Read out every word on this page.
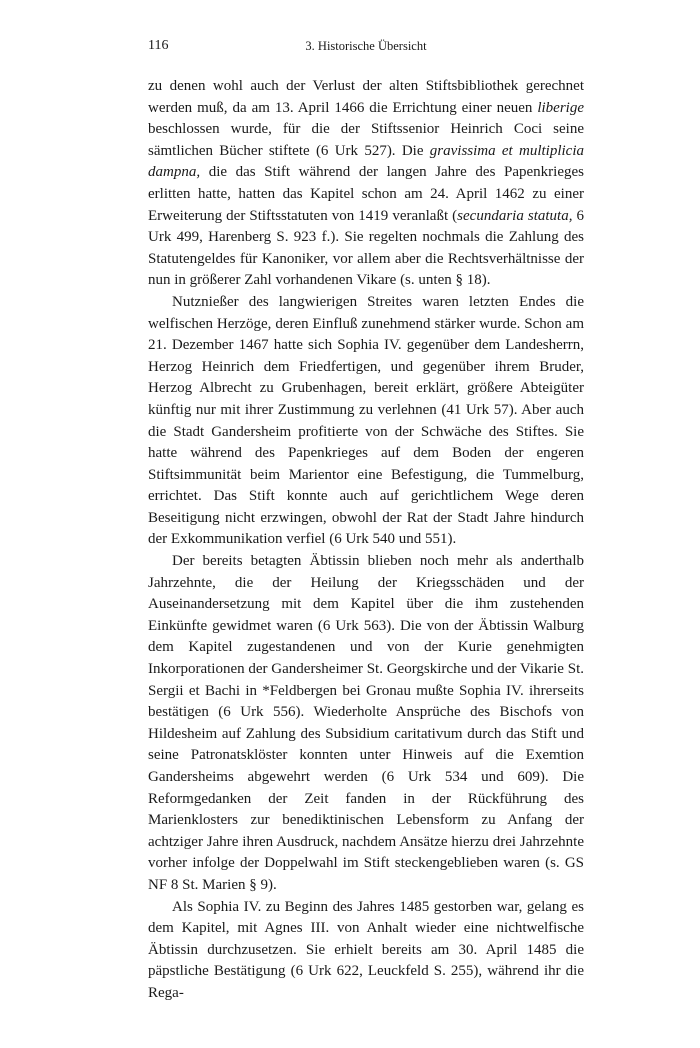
116	3. Historische Übersicht

zu denen wohl auch der Verlust der alten Stiftsbibliothek gerechnet werden muß, da am 13. April 1466 die Errichtung einer neuen liberige beschlossen wurde, für die der Stiftssenior Heinrich Coci seine sämtlichen Bücher stiftete (6 Urk 527). Die gravissima et multiplicia dampna, die das Stift während der langen Jahre des Papenkrieges erlitten hatte, hatten das Kapitel schon am 24. April 1462 zu einer Erweiterung der Stiftsstatuten von 1419 veranlaßt (secundaria statuta, 6 Urk 499, Harenberg S. 923 f.). Sie regelten nochmals die Zahlung des Statutengeldes für Kanoniker, vor allem aber die Rechtsverhältnisse der nun in größerer Zahl vorhandenen Vikare (s. unten § 18).

Nutznießer des langwierigen Streites waren letzten Endes die welfischen Herzöge, deren Einfluß zunehmend stärker wurde. Schon am 21. Dezember 1467 hatte sich Sophia IV. gegenüber dem Landesherrn, Herzog Heinrich dem Friedfertigen, und gegenüber ihrem Bruder, Herzog Albrecht zu Grubenhagen, bereit erklärt, größere Abteigüter künftig nur mit ihrer Zustimmung zu verlehnen (41 Urk 57). Aber auch die Stadt Gandersheim profitierte von der Schwäche des Stiftes. Sie hatte während des Papenkrieges auf dem Boden der engeren Stiftsimmunität beim Marientor eine Befestigung, die Tummelburg, errichtet. Das Stift konnte auch auf gerichtlichem Wege deren Beseitigung nicht erzwingen, obwohl der Rat der Stadt Jahre hindurch der Exkommunikation verfiel (6 Urk 540 und 551).

Der bereits betagten Äbtissin blieben noch mehr als anderthalb Jahrzehnte, die der Heilung der Kriegsschäden und der Auseinandersetzung mit dem Kapitel über die ihm zustehenden Einkünfte gewidmet waren (6 Urk 563). Die von der Äbtissin Walburg dem Kapitel zugestandenen und von der Kurie genehmigten Inkorporationen der Gandersheimer St. Georgskirche und der Vikarie St. Sergii et Bachi in *Feldbergen bei Gronau mußte Sophia IV. ihrerseits bestätigen (6 Urk 556). Wiederholte Ansprüche des Bischofs von Hildesheim auf Zahlung des Subsidium caritativum durch das Stift und seine Patronatsklöster konnten unter Hinweis auf die Exemtion Gandersheims abgewehrt werden (6 Urk 534 und 609). Die Reformgedanken der Zeit fanden in der Rückführung des Marienklosters zur benediktinischen Lebensform zu Anfang der achtziger Jahre ihren Ausdruck, nachdem Ansätze hierzu drei Jahrzehnte vorher infolge der Doppelwahl im Stift steckengeblieben waren (s. GS NF 8 St. Marien § 9).

Als Sophia IV. zu Beginn des Jahres 1485 gestorben war, gelang es dem Kapitel, mit Agnes III. von Anhalt wieder eine nichtwelfische Äbtissin durchzusetzen. Sie erhielt bereits am 30. April 1485 die päpstliche Bestätigung (6 Urk 622, Leuckfeld S. 255), während ihr die Rega-
